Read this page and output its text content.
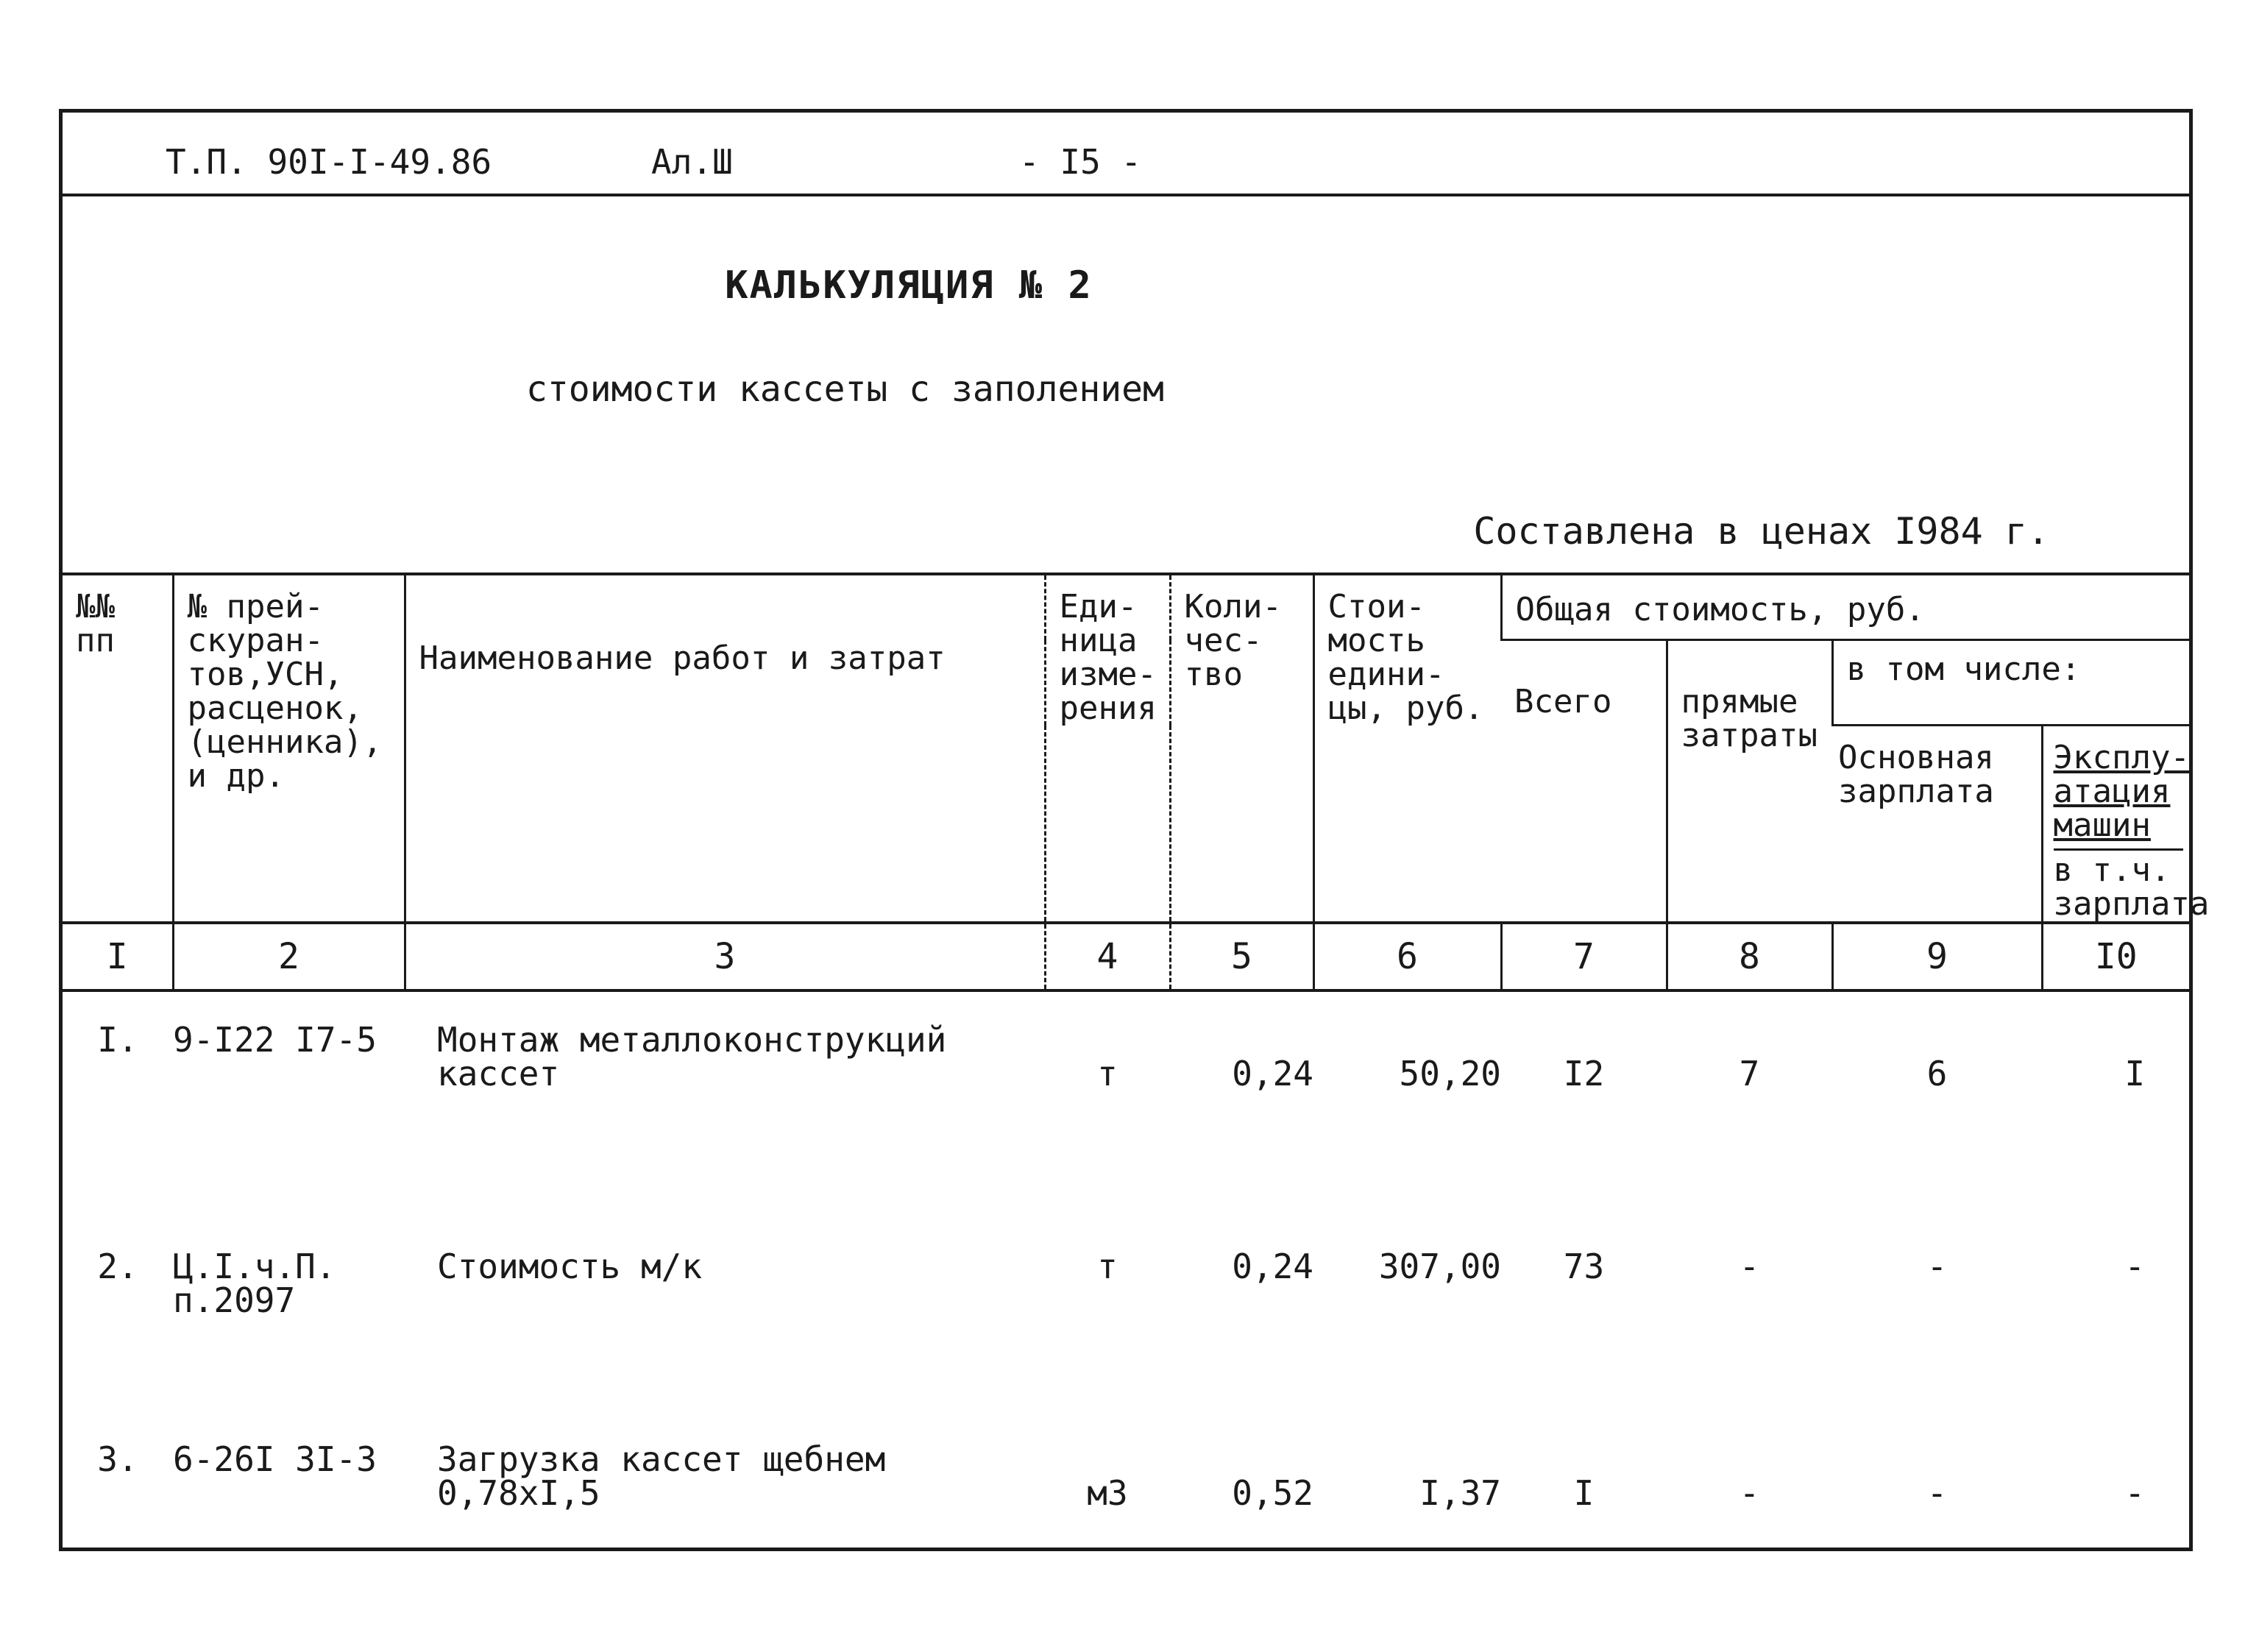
Т.П. 90I-I-49.86	Ал.Ш	- I5 -
КАЛЬКУЛЯЦИЯ № 2
стоимости кассеты с заполением
Составлена в ценах I984 г.
№№ пп	№ прей-скуран-тов,УСН, расценок, (ценника), и др.	Наименование работ и затрат	Еди-ница изме-рения	Коли-чес-тво	Стои-мость едини-цы, руб.	Общая стоимость, руб.			
						Всего	прямые затраты	в том числе:	
								Основная зарплата	Эксплу-атация машин
в т.ч. зарплата

I	2	3	4	5	6	7	8	9	I0
I.	9-I22 I7-5	Монтаж металлоконструкций кассет	т	0,24	50,20	I2	7	6	I
2.	Ц.I.ч.П. п.2097	Стоимость м/к	т	0,24	307,00	73	-	-	-
3.	6-26I 3I-3	Загрузка кассет щебнем 0,78xI,5	м3	0,52	I,37	I	-	-	-
